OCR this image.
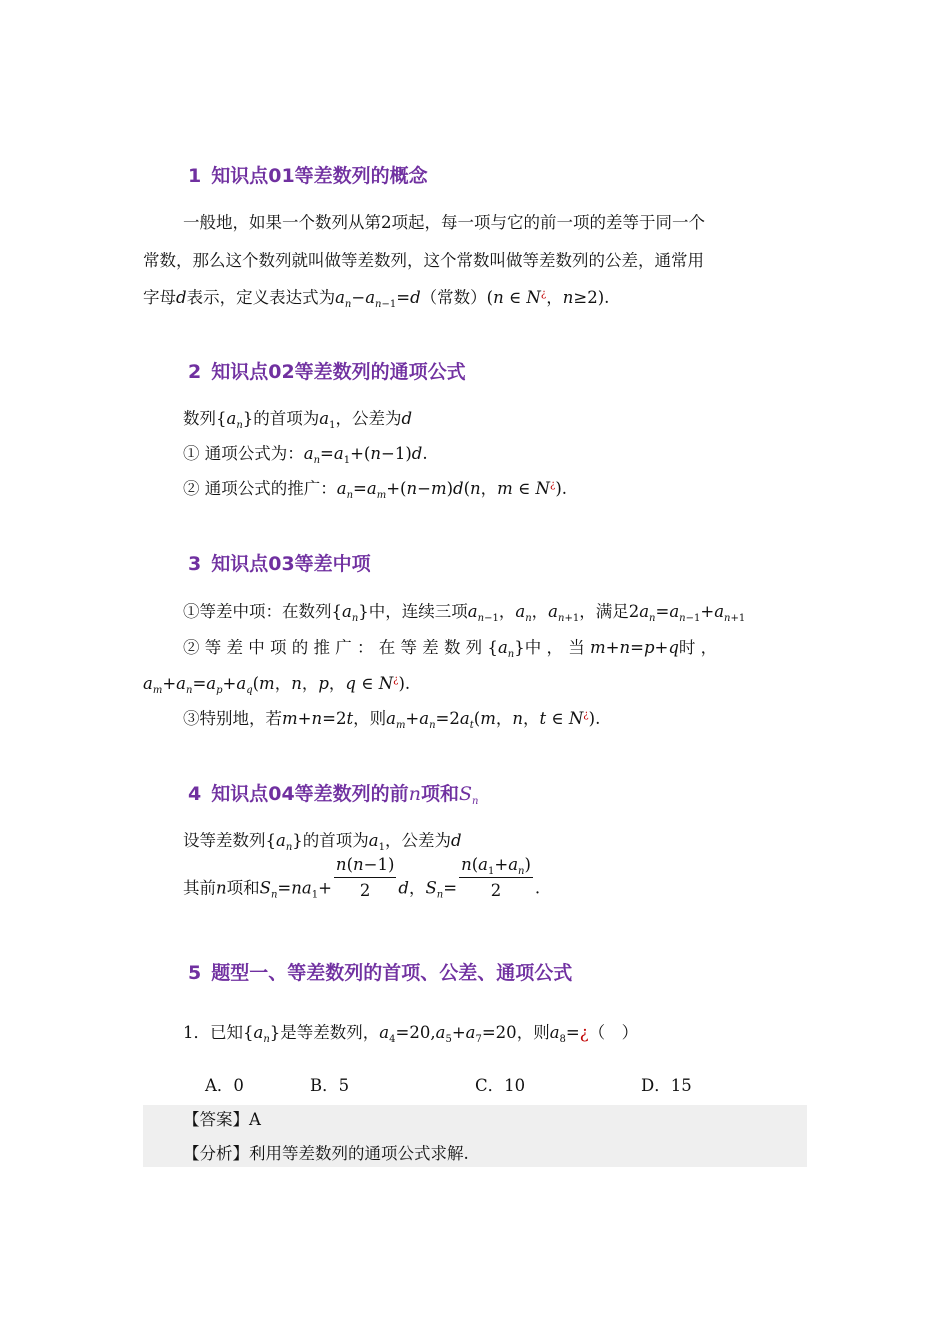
1 知识点01等差数列的概念
一般地，如果一个数列从第2项起，每一项与它的前一项的差等于同一个
常数，那么这个数列就叫做等差数列，这个常数叫做等差数列的公差，通常用
字母d表示，定义表达式为$a_n-a_{n-1}=d$（常数）(n ∈ N¿，n≥2).
2 知识点02等差数列的通项公式
数列$\{a_n\}$的首项为$a_1$，公差为d
① 通项公式为：$a_n=a_1+(n-1)d$.
② 通项公式的推广：$a_n=a_m+(n-m)d(n$，m ∈ N¿).
3 知识点03等差中项
①等差中项：在数列$\{a_n\}$中，连续三项$a_{n-1}$，$a_n$，$a_{n+1}$，满足$2a_n=a_{n-1}+a_{n+1}$
② 等 差 中 项 的 推 广 ： 在 等 差 数 列 $\{a_n\}$中 ， 当 m+n=p+q时 ，
$a_m+a_n=a_p+a_q(m$，n，p，q ∈ N¿).
③特别地，若m+n=2t，则$a_m+a_n=2a_t(m$，n，t ∈ N¿).
4 知识点04等差数列的前n项和$S_n$
设等差数列$\{a_n\}$的首项为$a_1$，公差为d
其前n项和$S_n=na_1+ \frac{n(n-1)}{2}$ d，$S_n= \frac{n(a_1+a_n)}{2}$ .
5 题型一、等差数列的首项、公差、通项公式
1．已知$\{a_n\}$是等差数列，$a_4=20,a_5+a_7=20$，则$a_8=¿$（　）
A．0	B．5	C．10	D．15
【答案】A
【分析】利用等差数列的通项公式求解.
